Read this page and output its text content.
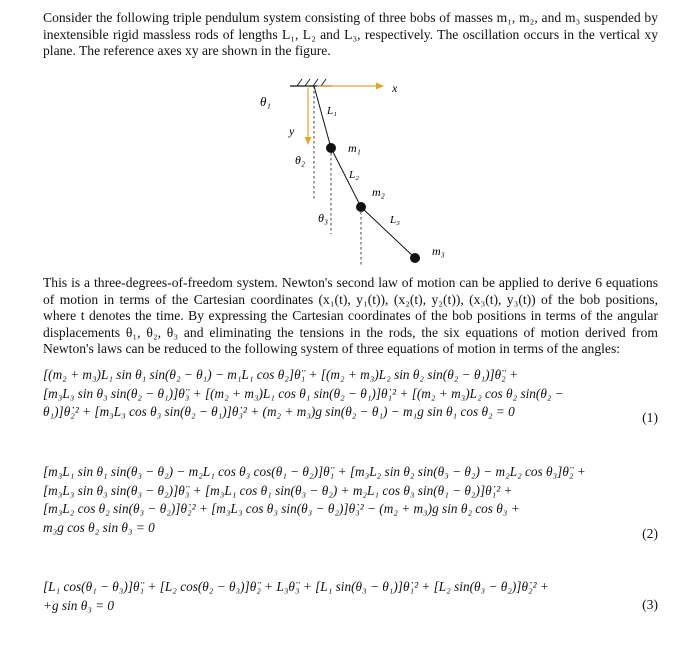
Consider the following triple pendulum system consisting of three bobs of masses m₁, m₂, and m₃ suspended by inextensible rigid massless rods of lengths L₁, L₂ and L₃, respectively. The oscillation occurs in the vertical xy plane. The reference axes xy are shown in the figure.

x
y
θ₁
L₁
m₁
θ₂
L₂
m₂
θ₃	L₃
m₃

This is a three-degrees-of-freedom system. Newton's second law of motion can be applied to derive 6 equations of motion in terms of the Cartesian coordinates (x₁(t), y₁(t)), (x₂(t), y₂(t)), (x₃(t), y₃(t)) of the bob positions, where t denotes the time. By expressing the Cartesian coordinates of the bob positions in terms of the angular displacements θ₁, θ₂, θ₃ and eliminating the tensions in the rods, the six equations of motion derived from Newton's laws can be reduced to the following system of three equations of motion in terms of the angles:

[(m₂ + m₃)L₁ sin θ₁ sin(θ₂ − θ₁) − m₁L₁ cos θ₂]θ̈₁ + [(m₂ + m₃)L₂ sin θ₂ sin(θ₂ − θ₁)]θ̈₂ +
[m₃L₃ sin θ₃ sin(θ₂ − θ₁)]θ̈₃ + [(m₂ + m₃)L₁ cos θ₁ sin(θ₂ − θ₁)]θ̇₁² + [(m₂ + m₃)L₂ cos θ₂ sin(θ₂ −
θ₁)]θ̇₂² + [m₃L₃ cos θ₃ sin(θ₂ − θ₁)]θ̇₃² + (m₂ + m₃)g sin(θ₂ − θ₁) − m₁g sin θ₁ cos θ₂ = 0	(1)
[m₃L₁ sin θ₁ sin(θ₃ − θ₂) − m₂L₁ cos θ₃ cos(θ₁ − θ₂)]θ̈₁ + [m₃L₂ sin θ₂ sin(θ₃ − θ₂) − m₂L₂ cos θ₃]θ̈₂ +
[m₃L₃ sin θ₃ sin(θ₃ − θ₂)]θ̈₃ + [m₃L₁ cos θ₁ sin(θ₃ − θ₂) + m₂L₁ cos θ₃ sin(θ₁ − θ₂)]θ̇₁² +
[m₃L₂ cos θ₂ sin(θ₃ − θ₂)]θ̇₂² + [m₃L₃ cos θ₃ sin(θ₃ − θ₂)]θ̇₃² − (m₂ + m₃)g sin θ₂ cos θ₃ +
m₃g cos θ₂ sin θ₃ = 0	(2)
[L₁ cos(θ₁ − θ₃)]θ̈₁ + [L₂ cos(θ₂ − θ₃)]θ̈₂ + L₃θ̈₃ + [L₁ sin(θ₃ − θ₁)]θ̇₁² + [L₂ sin(θ₃ − θ₂)]θ̇₂² +
+g sin θ₃ = 0	(3)
